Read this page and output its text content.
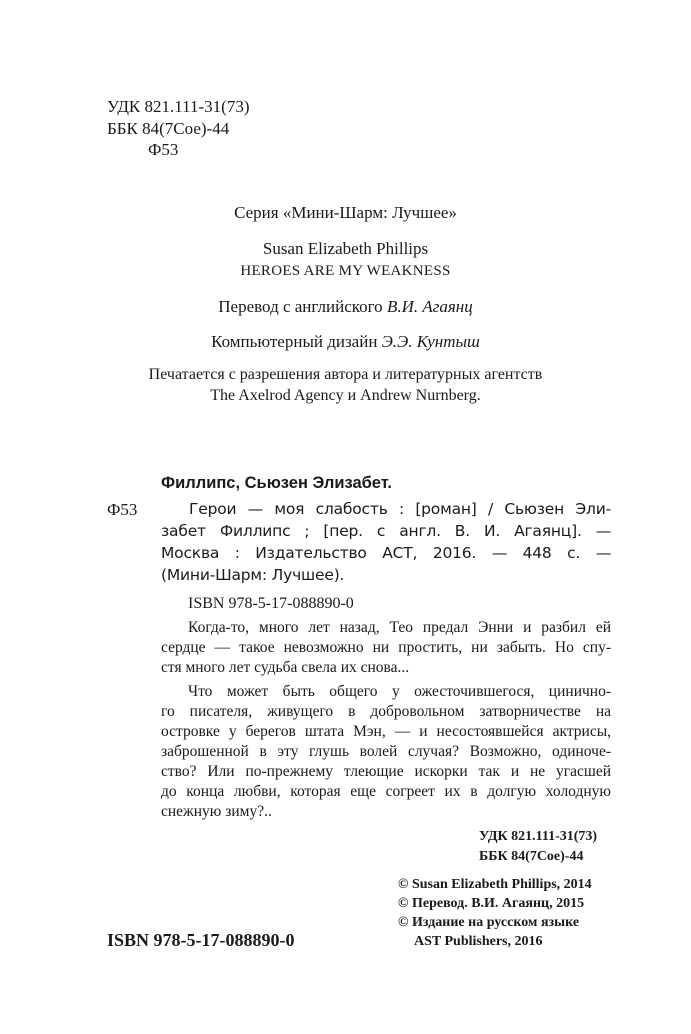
УДК 821.111-31(73)
ББК 84(7Сое)-44
Ф53
Серия «Мини-Шарм: Лучшее»
Susan Elizabeth Phillips
HEROES ARE MY WEAKNESS
Перевод с английского В.И. Агаянц
Компьютерный дизайн Э.Э. Кунтыш
Печатается с разрешения автора и литературных агентств
The Axelrod Agency и Andrew Nurnberg.
Филлипс, Сьюзен Элизабет.
Ф53	Герои — моя слабость : [роман] / Сьюзен Эли-
забет Филлипс ; [пер. с англ. В. И. Агаянц]. —
Москва : Издательство АСТ, 2016. — 448 с. —
(Мини-Шарм: Лучшее).
ISBN 978-5-17-088890-0
Когда-то, много лет назад, Тео предал Энни и разбил ей
сердце — такое невозможно ни простить, ни забыть. Но спу-
стя много лет судьба свела их снова...
Что может быть общего у ожесточившегося, цинично-
го писателя, живущего в добровольном затворничестве на
островке у берегов штата Мэн, — и несостоявшейся актрисы,
заброшенной в эту глушь волей случая? Возможно, одиноче-
ство? Или по-прежнему тлеющие искорки так и не угасшей
до конца любви, которая еще согреет их в долгую холодную
снежную зиму?..
УДК 821.111-31(73)
ББК 84(7Сое)-44
© Susan Elizabeth Phillips, 2014
© Перевод. В.И. Агаянц, 2015
© Издание на русском языке
AST Publishers, 2016
ISBN 978-5-17-088890-0
